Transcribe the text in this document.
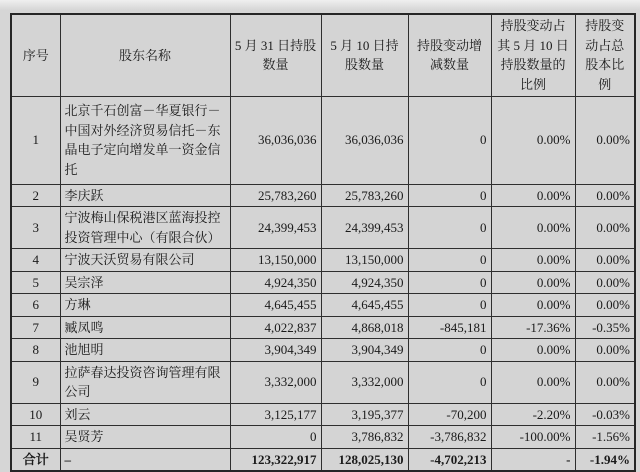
序号	股东名称	5 月 31 日持股数量	5 月 10 日持股数量	持股变动增减数量	持股变动占其 5 月 10 日持股数量的比例	持股变动占总股本比例
1	北京千石创富－华夏银行－中国对外经济贸易信托－东晶电子定向增发单一资金信托	36,036,036	36,036,036	0	0.00%	0.00%
2	李庆跃	25,783,260	25,783,260	0	0.00%	0.00%
3	宁波梅山保税港区蓝海投控投资管理中心（有限合伙）	24,399,453	24,399,453	0	0.00%	0.00%
4	宁波天沃贸易有限公司	13,150,000	13,150,000	0	0.00%	0.00%
5	吴宗泽	4,924,350	4,924,350	0	0.00%	0.00%
6	方琳	4,645,455	4,645,455	0	0.00%	0.00%
7	臧凤鸣	4,022,837	4,868,018	-845,181	-17.36%	-0.35%
8	池旭明	3,904,349	3,904,349	0	0.00%	0.00%
9	拉萨春达投资咨询管理有限公司	3,332,000	3,332,000	0	0.00%	0.00%
10	刘云	3,125,177	3,195,377	-70,200	-2.20%	-0.03%
11	吴贤芳	0	3,786,832	-3,786,832	-100.00%	-1.56%
合计	–	123,322,917	128,025,130	-4,702,213	-	-1.94%
